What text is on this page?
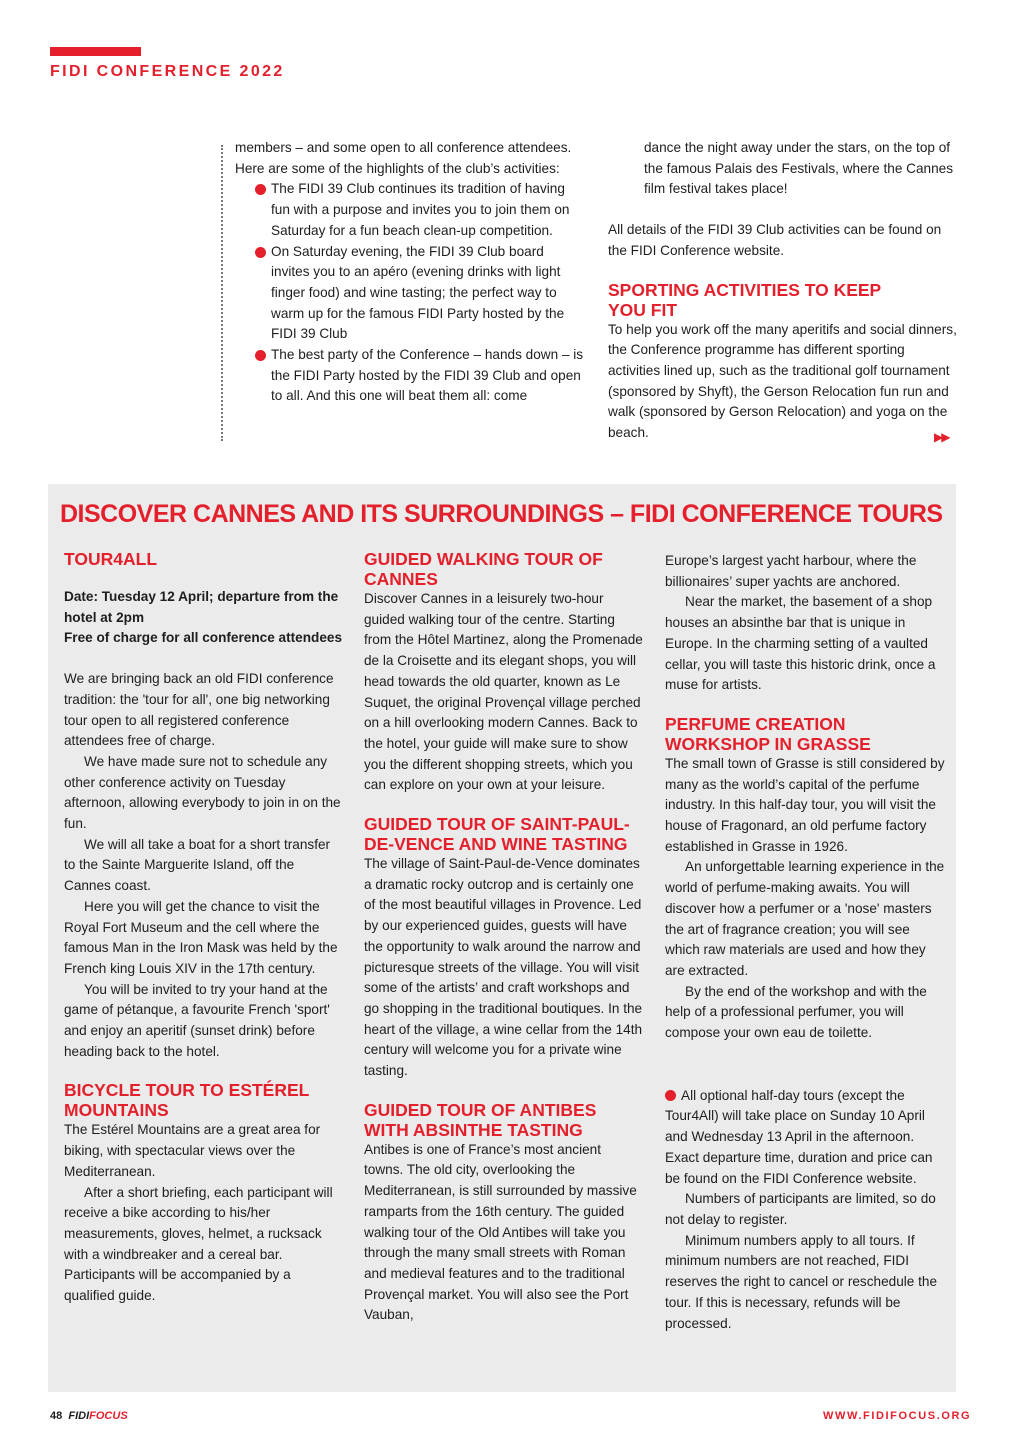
FIDI CONFERENCE 2022

members – and some open to all conference attendees. Here are some of the highlights of the club’s activities:

The FIDI 39 Club continues its tradition of having fun with a purpose and invites you to join them on Saturday for a fun beach clean-up competition.
On Saturday evening, the FIDI 39 Club board invites you to an apéro (evening drinks with light finger food) and wine tasting; the perfect way to warm up for the famous FIDI Party hosted by the FIDI 39 Club
The best party of the Conference – hands down – is the FIDI Party hosted by the FIDI 39 Club and open to all. And this one will beat them all: come

dance the night away under the stars, on the top of the famous Palais des Festivals, where the Cannes film festival takes place!

All details of the FIDI 39 Club activities can be found on the FIDI Conference website.

SPORTING ACTIVITIES TO KEEP YOU FIT

To help you work off the many aperitifs and social dinners, the Conference programme has different sporting activities lined up, such as the traditional golf tournament (sponsored by Shyft), the Gerson Relocation fun run and walk (sponsored by Gerson Relocation) and yoga on the beach.	▶▶
DISCOVER CANNES AND ITS SURROUNDINGS – FIDI CONFERENCE TOURS
TOUR4ALL

Date: Tuesday 12 April; departure from the hotel at 2pm

Free of charge for all conference attendees

We are bringing back an old FIDI conference tradition: the 'tour for all', one big networking tour open to all registered conference attendees free of charge.

We have made sure not to schedule any other conference activity on Tuesday afternoon, allowing everybody to join in on the fun.

We will all take a boat for a short transfer to the Sainte Marguerite Island, off the Cannes coast.

Here you will get the chance to visit the Royal Fort Museum and the cell where the famous Man in the Iron Mask was held by the French king Louis XIV in the 17th century.

You will be invited to try your hand at the game of pétanque, a favourite French 'sport' and enjoy an aperitif (sunset drink) before heading back to the hotel.

BICYCLE TOUR TO ESTÉREL MOUNTAINS

The Estérel Mountains are a great area for biking, with spectacular views over the Mediterranean.

After a short briefing, each participant will receive a bike according to his/her measurements, gloves, helmet, a rucksack with a windbreaker and a cereal bar. Participants will be accompanied by a qualified guide.

GUIDED WALKING TOUR OF CANNES

Discover Cannes in a leisurely two-hour guided walking tour of the centre. Starting from the Hôtel Martinez, along the Promenade de la Croisette and its elegant shops, you will head towards the old quarter, known as Le Suquet, the original Provençal village perched on a hill overlooking modern Cannes. Back to the hotel, your guide will make sure to show you the different shopping streets, which you can explore on your own at your leisure.

GUIDED TOUR OF SAINT-PAUL-DE-VENCE AND WINE TASTING

The village of Saint-Paul-de-Vence dominates a dramatic rocky outcrop and is certainly one of the most beautiful villages in Provence. Led by our experienced guides, guests will have the opportunity to walk around the narrow and picturesque streets of the village. You will visit some of the artists’ and craft workshops and go shopping in the traditional boutiques. In the heart of the village, a wine cellar from the 14th century will welcome you for a private wine tasting.

GUIDED TOUR OF ANTIBES WITH ABSINTHE TASTING

Antibes is one of France’s most ancient towns. The old city, overlooking the Mediterranean, is still surrounded by massive ramparts from the 16th century. The guided walking tour of the Old Antibes will take you through the many small streets with Roman and medieval features and to the traditional Provençal market. You will also see the Port Vauban,

Europe’s largest yacht harbour, where the billionaires’ super yachts are anchored.

Near the market, the basement of a shop houses an absinthe bar that is unique in Europe. In the charming setting of a vaulted cellar, you will taste this historic drink, once a muse for artists.

PERFUME CREATION WORKSHOP IN GRASSE

The small town of Grasse is still considered by many as the world’s capital of the perfume industry. In this half-day tour, you will visit the house of Fragonard, an old perfume factory established in Grasse in 1926.

An unforgettable learning experience in the world of perfume-making awaits. You will discover how a perfumer or a 'nose' masters the art of fragrance creation; you will see which raw materials are used and how they are extracted.

By the end of the workshop and with the help of a professional perfumer, you will compose your own eau de toilette.

All optional half-day tours (except the Tour4All) will take place on Sunday 10 April and Wednesday 13 April in the afternoon. Exact departure time, duration and price can be found on the FIDI Conference website.

Numbers of participants are limited, so do not delay to register.

Minimum numbers apply to all tours. If minimum numbers are not reached, FIDI reserves the right to cancel or reschedule the tour. If this is necessary, refunds will be processed.

48 FIDIFOCUS	WWW.FIDIFOCUS.ORG
